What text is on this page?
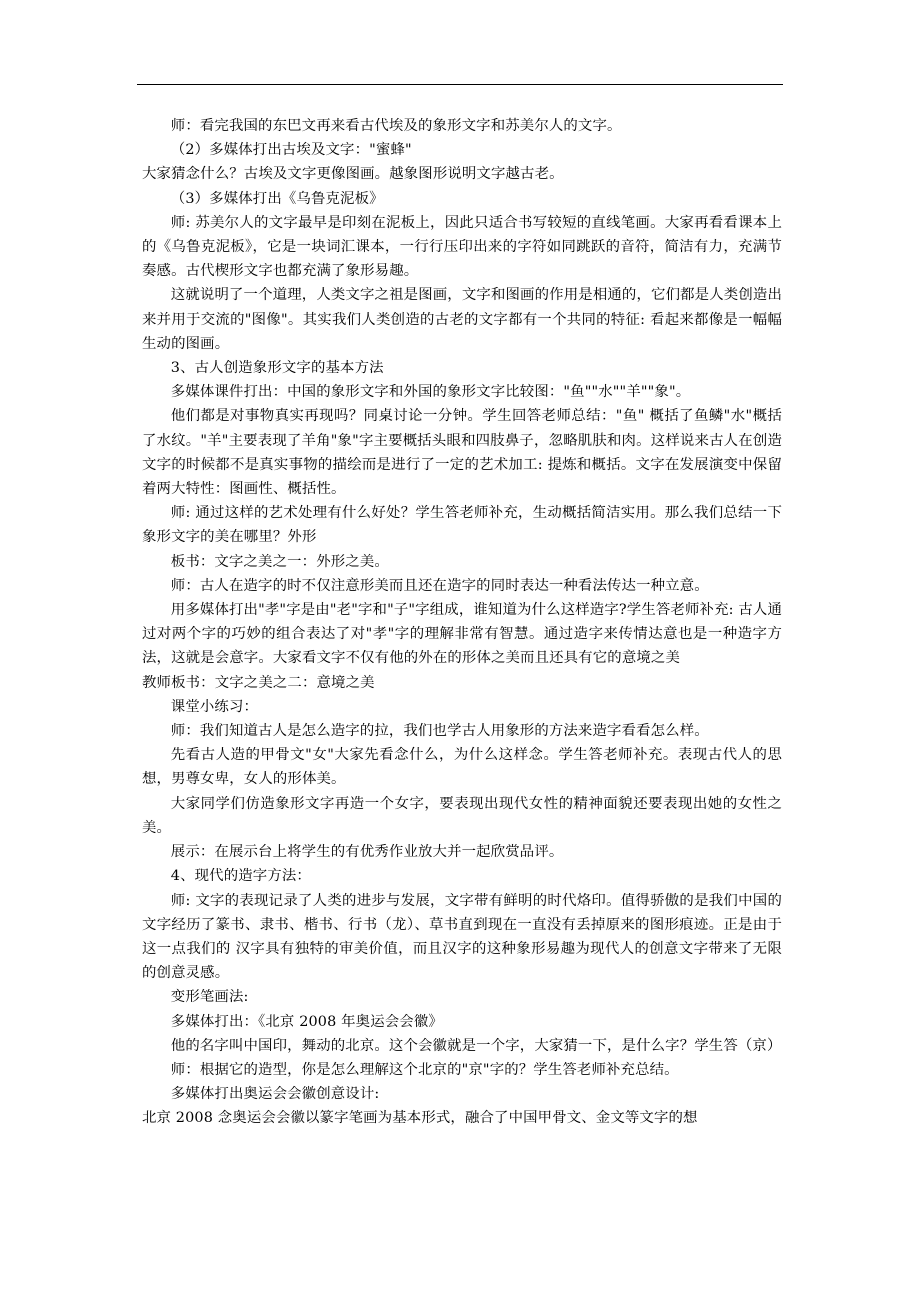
师：看完我国的东巴文再来看古代埃及的象形文字和苏美尔人的文字。

（2）多媒体打出古埃及文字："蜜蜂"

大家猜念什么？古埃及文字更像图画。越象图形说明文字越古老。

（3）多媒体打出《乌鲁克泥板》

师: 苏美尔人的文字最早是印刻在泥板上，因此只适合书写较短的直线笔画。大家再看看课本上的《乌鲁克泥板》，它是一块词汇课本，一行行压印出来的字符如同跳跃的音符，简洁有力，充满节奏感。古代楔形文字也都充满了象形易趣。

这就说明了一个道理，人类文字之祖是图画，文字和图画的作用是相通的，它们都是人类创造出来并用于交流的"图像"。其实我们人类创造的古老的文字都有一个共同的特征: 看起来都像是一幅幅生动的图画。

3、古人创造象形文字的基本方法

多媒体课件打出：中国的象形文字和外国的象形文字比较图："鱼""水""羊""象"。

他们都是对事物真实再现吗？同桌讨论一分钟。学生回答老师总结："鱼" 概括了鱼鳞"水"概括了水纹。"羊"主要表现了羊角"象"字主要概括头眼和四肢鼻子，忽略肌肤和肉。这样说来古人在创造文字的时候都不是真实事物的描绘而是进行了一定的艺术加工: 提炼和概括。文字在发展演变中保留着两大特性：图画性、概括性。

师: 通过这样的艺术处理有什么好处？学生答老师补充，生动概括简洁实用。那么我们总结一下象形文字的美在哪里？外形

板书：文字之美之一：外形之美。

师：古人在造字的时不仅注意形美而且还在造字的同时表达一种看法传达一种立意。

用多媒体打出"孝"字是由"老"字和"子"字组成，谁知道为什么这样造字?学生答老师补充: 古人通过对两个字的巧妙的组合表达了对"孝"字的理解非常有智慧。通过造字来传情达意也是一种造字方法，这就是会意字。大家看文字不仅有他的外在的形体之美而且还具有它的意境之美

教师板书：文字之美之二：意境之美

课堂小练习：

师：我们知道古人是怎么造字的拉，我们也学古人用象形的方法来造字看看怎么样。

先看古人造的甲骨文"女"大家先看念什么，为什么这样念。学生答老师补充。表现古代人的思想，男尊女卑，女人的形体美。

大家同学们仿造象形文字再造一个女字，要表现出现代女性的精神面貌还要表现出她的女性之美。

展示：在展示台上将学生的有优秀作业放大并一起欣赏品评。

4、现代的造字方法：

师: 文字的表现记录了人类的进步与发展，文字带有鲜明的时代烙印。值得骄傲的是我们中国的 文字经历了篆书、隶书、楷书、行书（龙）、草书直到现在一直没有丢掉原来的图形痕迹。正是由于这一点我们的 汉字具有独特的审美价值，而且汉字的这种象形易趣为现代人的创意文字带来了无限的创意灵感。

变形笔画法:

多媒体打出：《北京 2008 年奥运会会徽》

他的名字叫中国印，舞动的北京。这个会徽就是一个字，大家猜一下，是什么字？学生答（京）

师：根据它的造型，你是怎么理解这个北京的"京"字的？学生答老师补充总结。

多媒体打出奥运会会徽创意设计:

北京 2008 念奥运会会徽以篆字笔画为基本形式，融合了中国甲骨文、金文等文字的想
